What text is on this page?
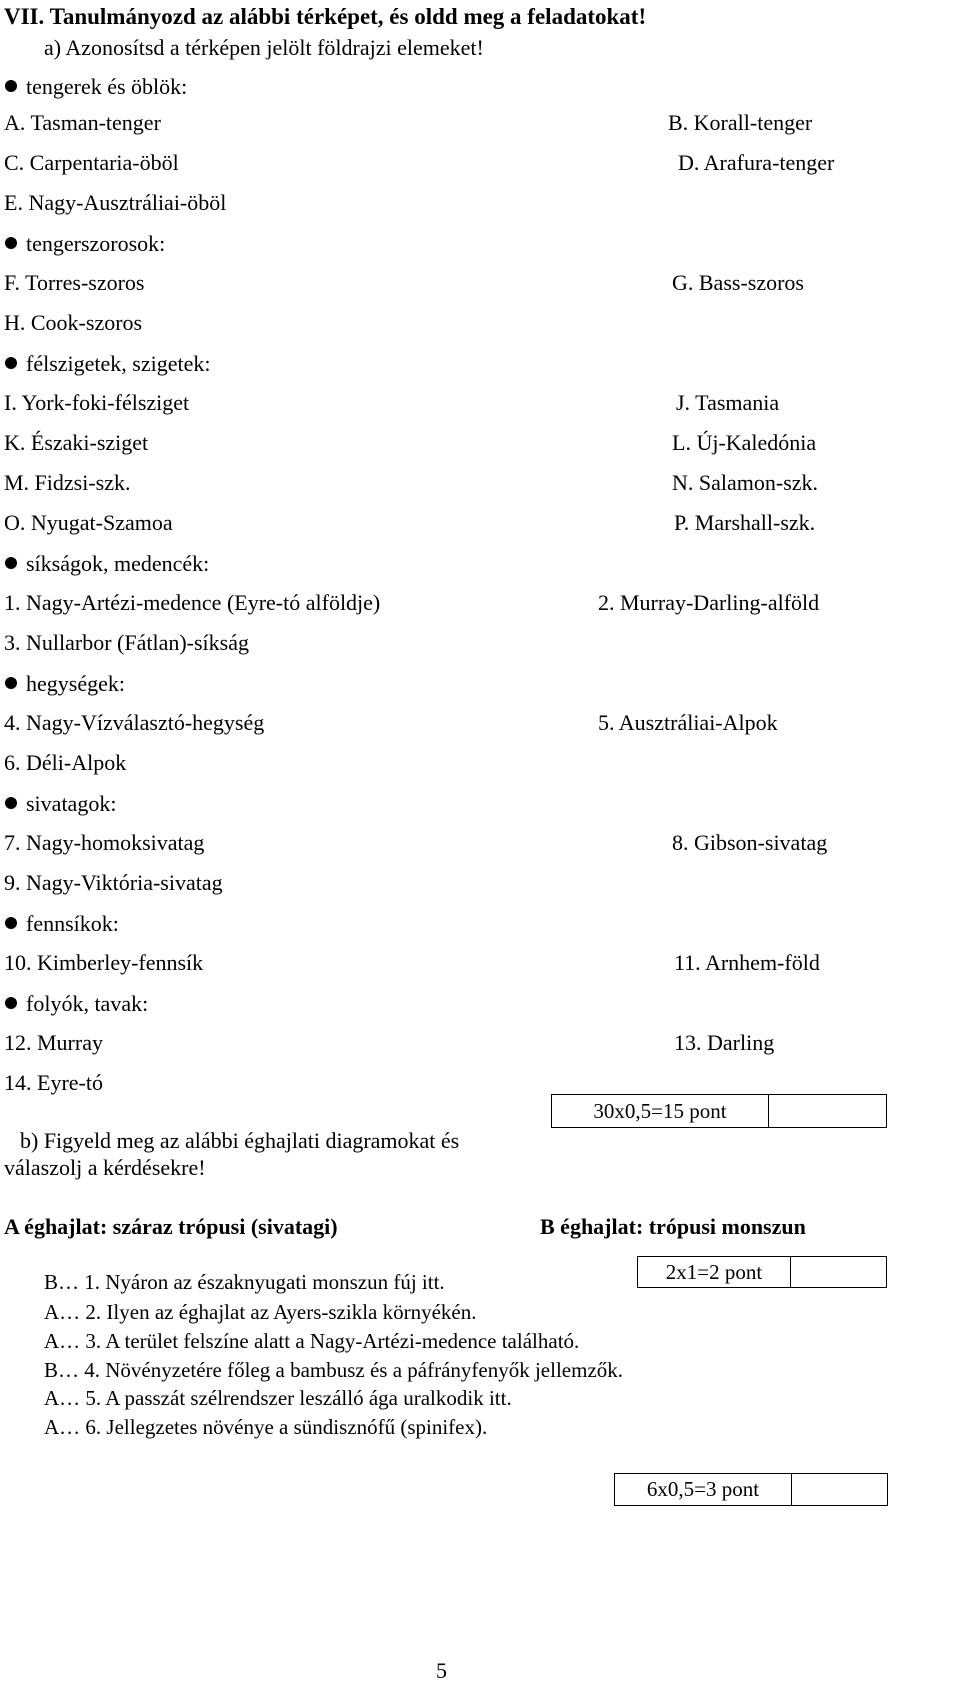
VII. Tanulmányozd az alábbi térképet, és oldd meg a feladatokat!
a) Azonosítsd a térképen jelölt földrajzi elemeket!
tengerek és öblök:
A. Tasman-tenger	B. Korall-tenger
C. Carpentaria-öböl	D. Arafura-tenger
E. Nagy-Ausztráliai-öböl
tengerszorosok:
F. Torres-szoros	G. Bass-szoros
H. Cook-szoros
félszigetek, szigetek:
I. York-foki-félsziget	J. Tasmania
K. Északi-sziget	L. Új-Kaledónia
M. Fidzsi-szk.	N. Salamon-szk.
O. Nyugat-Szamoa	P. Marshall-szk.
síkságok, medencék:
1. Nagy-Artézi-medence (Eyre-tó alföldje)	2. Murray-Darling-alföld
3. Nullarbor (Fátlan)-síkság
hegységek:
4. Nagy-Vízválasztó-hegység	5. Ausztráliai-Alpok
6. Déli-Alpok
sivatagok:
7. Nagy-homoksivatag	8. Gibson-sivatag
9. Nagy-Viktória-sivatag
fennsíkok:
10. Kimberley-fennsík	11. Arnhem-föld
folyók, tavak:
12. Murray	13. Darling
14. Eyre-tó
30x0,5=15 pont
b) Figyeld meg az alábbi éghajlati diagramokat és
válaszolj a kérdésekre!
A éghajlat: száraz trópusi (sivatagi)	B éghajlat: trópusi monszun
2x1=2 pont
B… 1. Nyáron az északnyugati monszun fúj itt.
A… 2. Ilyen az éghajlat az Ayers-szikla környékén.
A… 3. A terület felszíne alatt a Nagy-Artézi-medence található.
B… 4. Növényzetére főleg a bambusz és a páfrányfenyők jellemzők.
A… 5. A passzát szélrendszer leszálló ága uralkodik itt.
A… 6. Jellegzetes növénye a sündisznófű (spinifex).
6x0,5=3 pont
5
